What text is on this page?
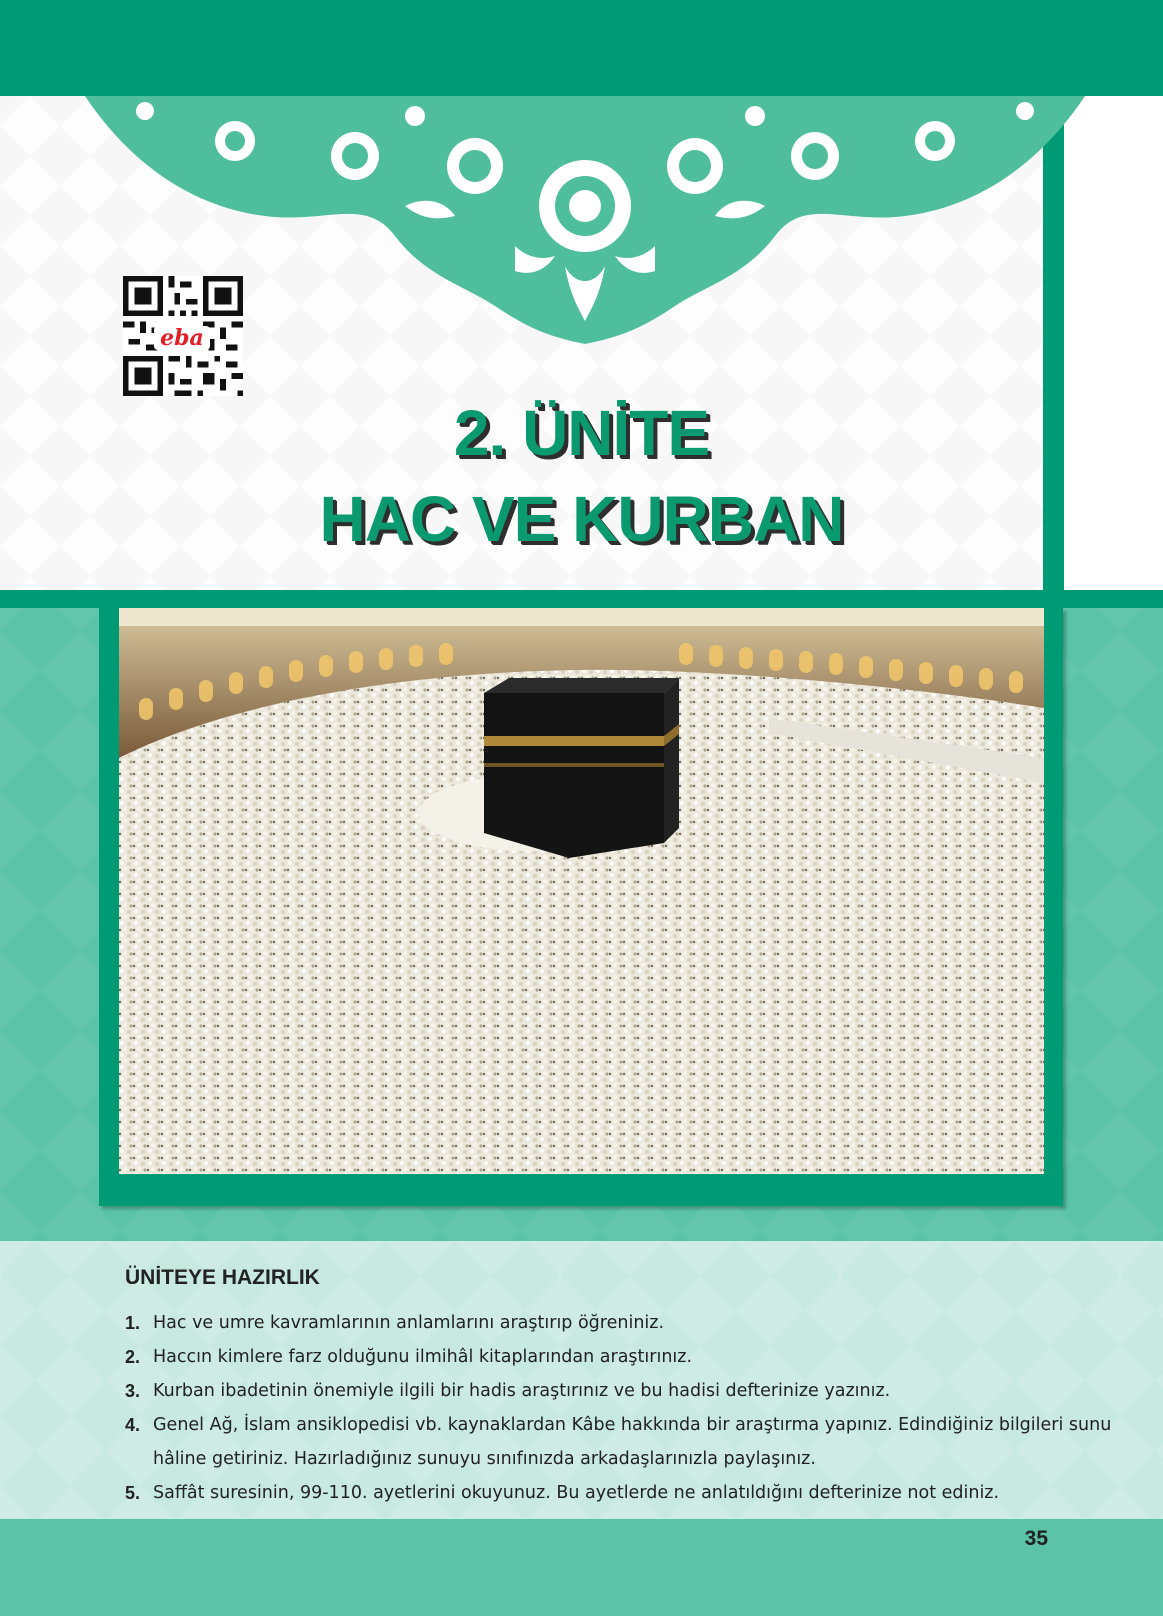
eba
2. ÜNİTE
HAC VE KURBAN
ÜNİTEYE HAZIRLIK
1. Hac ve umre kavramlarının anlamlarını araştırıp öğreniniz.
2. Haccın kimlere farz olduğunu ilmihâl kitaplarından araştırınız.
3. Kurban ibadetinin önemiyle ilgili bir hadis araştırınız ve bu hadisi defterinize yazınız.
4. Genel Ağ, İslam ansiklopedisi vb. kaynaklardan Kâbe hakkında bir araştırma yapınız. Edindiğiniz bilgileri sunu hâline getiriniz. Hazırladığınız sunuyu sınıfınızda arkadaşlarınızla paylaşınız.
5. Saffât suresinin, 99-110. ayetlerini okuyunuz. Bu ayetlerde ne anlatıldığını defterinize not ediniz.
35
